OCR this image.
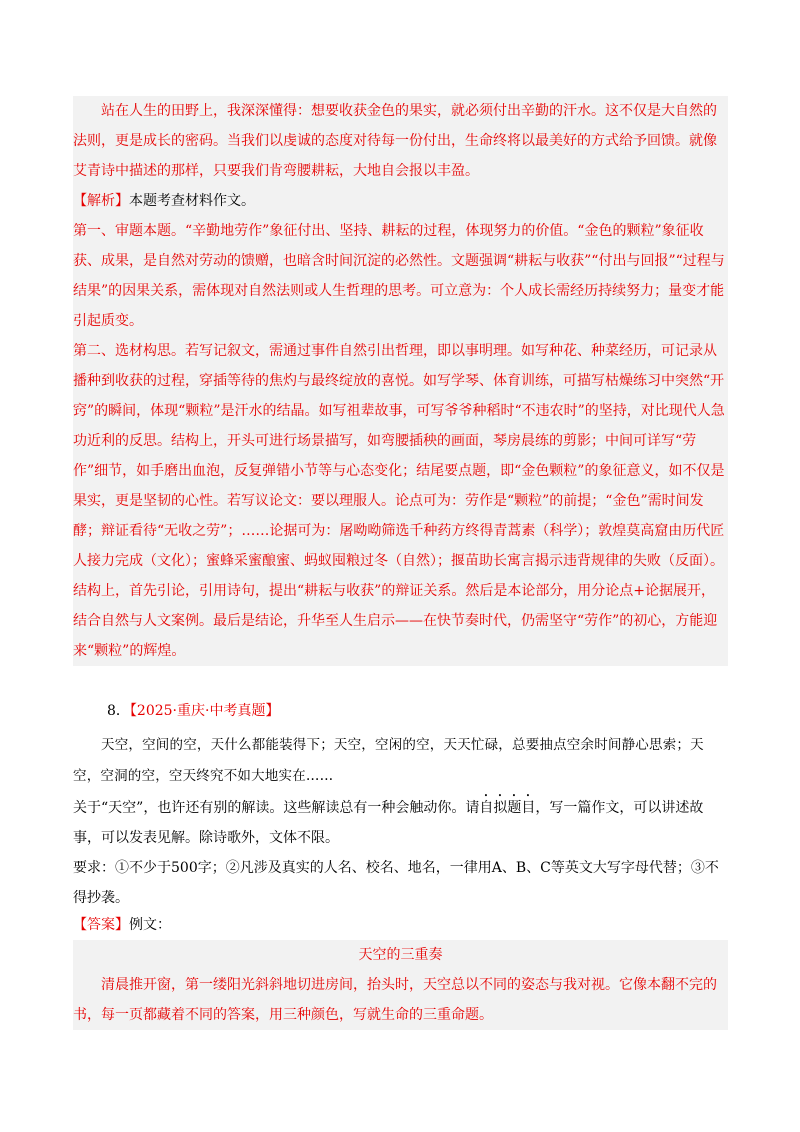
站在人生的田野上，我深深懂得：想要收获金色的果实，就必须付出辛勤的汗水。这不仅是大自然的法则，更是成长的密码。当我们以虔诚的态度对待每一份付出，生命终将以最美好的方式给予回馈。就像艾青诗中描述的那样，只要我们肯弯腰耕耘，大地自会报以丰盈。

【解析】本题考查材料作文。

第一、审题本题。“辛勤地劳作”象征付出、坚持、耕耘的过程，体现努力的价值。“金色的颗粒”象征收获、成果，是自然对劳动的馈赠，也暗含时间沉淀的必然性。文题强调“耕耘与收获”“付出与回报”“过程与结果”的因果关系，需体现对自然法则或人生哲理的思考。可立意为：个人成长需经历持续努力；量变才能引起质变。

第二、选材构思。若写记叙文，需通过事件自然引出哲理，即以事明理。如写种花、种菜经历，可记录从播种到收获的过程，穿插等待的焦灼与最终绽放的喜悦。如写学琴、体育训练，可描写枯燥练习中突然“开窍”的瞬间，体现“颗粒”是汗水的结晶。如写祖辈故事，可写爷爷种稻时“不违农时”的坚持，对比现代人急功近利的反思。结构上，开头可进行场景描写，如弯腰插秧的画面，琴房晨练的剪影；中间可详写“劳作”细节，如手磨出血泡，反复弹错小节等与心态变化；结尾要点题，即“金色颗粒”的象征意义，如不仅是果实，更是坚韧的心性。若写议论文：要以理服人。论点可为：劳作是“颗粒”的前提；“金色”需时间发酵；辩证看待“无收之劳”；……论据可为：屠呦呦筛选千种药方终得青蒿素（科学）；敦煌莫高窟由历代匠人接力完成（文化）；蜜蜂采蜜酿蜜、蚂蚁囤粮过冬（自然）；揠苗助长寓言揭示违背规律的失败（反面）。结构上，首先引论，引用诗句，提出“耕耘与收获”的辩证关系。然后是本论部分，用分论点+论据展开，结合自然与人文案例。最后是结论，升华至人生启示——在快节奏时代，仍需坚守“劳作”的初心，方能迎来“颗粒”的辉煌。

8．【2025·重庆·中考真题】

天空，空间的空，天什么都能装得下；天空，空闲的空，天天忙碌，总要抽点空余时间静心思索；天空，空洞的空，空天终究不如大地实在……

关于“天空”，也许还有别的解读。这些解读总有一种会触动你。请自拟题目，写一篇作文，可以讲述故事，可以发表见解。除诗歌外，文体不限。

要求：①不少于500字；②凡涉及真实的人名、校名、地名，一律用A、B、C等英文大写字母代替；③不得抄袭。

【答案】例文：

天空的三重奏

清晨推开窗，第一缕阳光斜斜地切进房间，抬头时，天空总以不同的姿态与我对视。它像本翻不完的书，每一页都藏着不同的答案，用三种颜色，写就生命的三重命题。
